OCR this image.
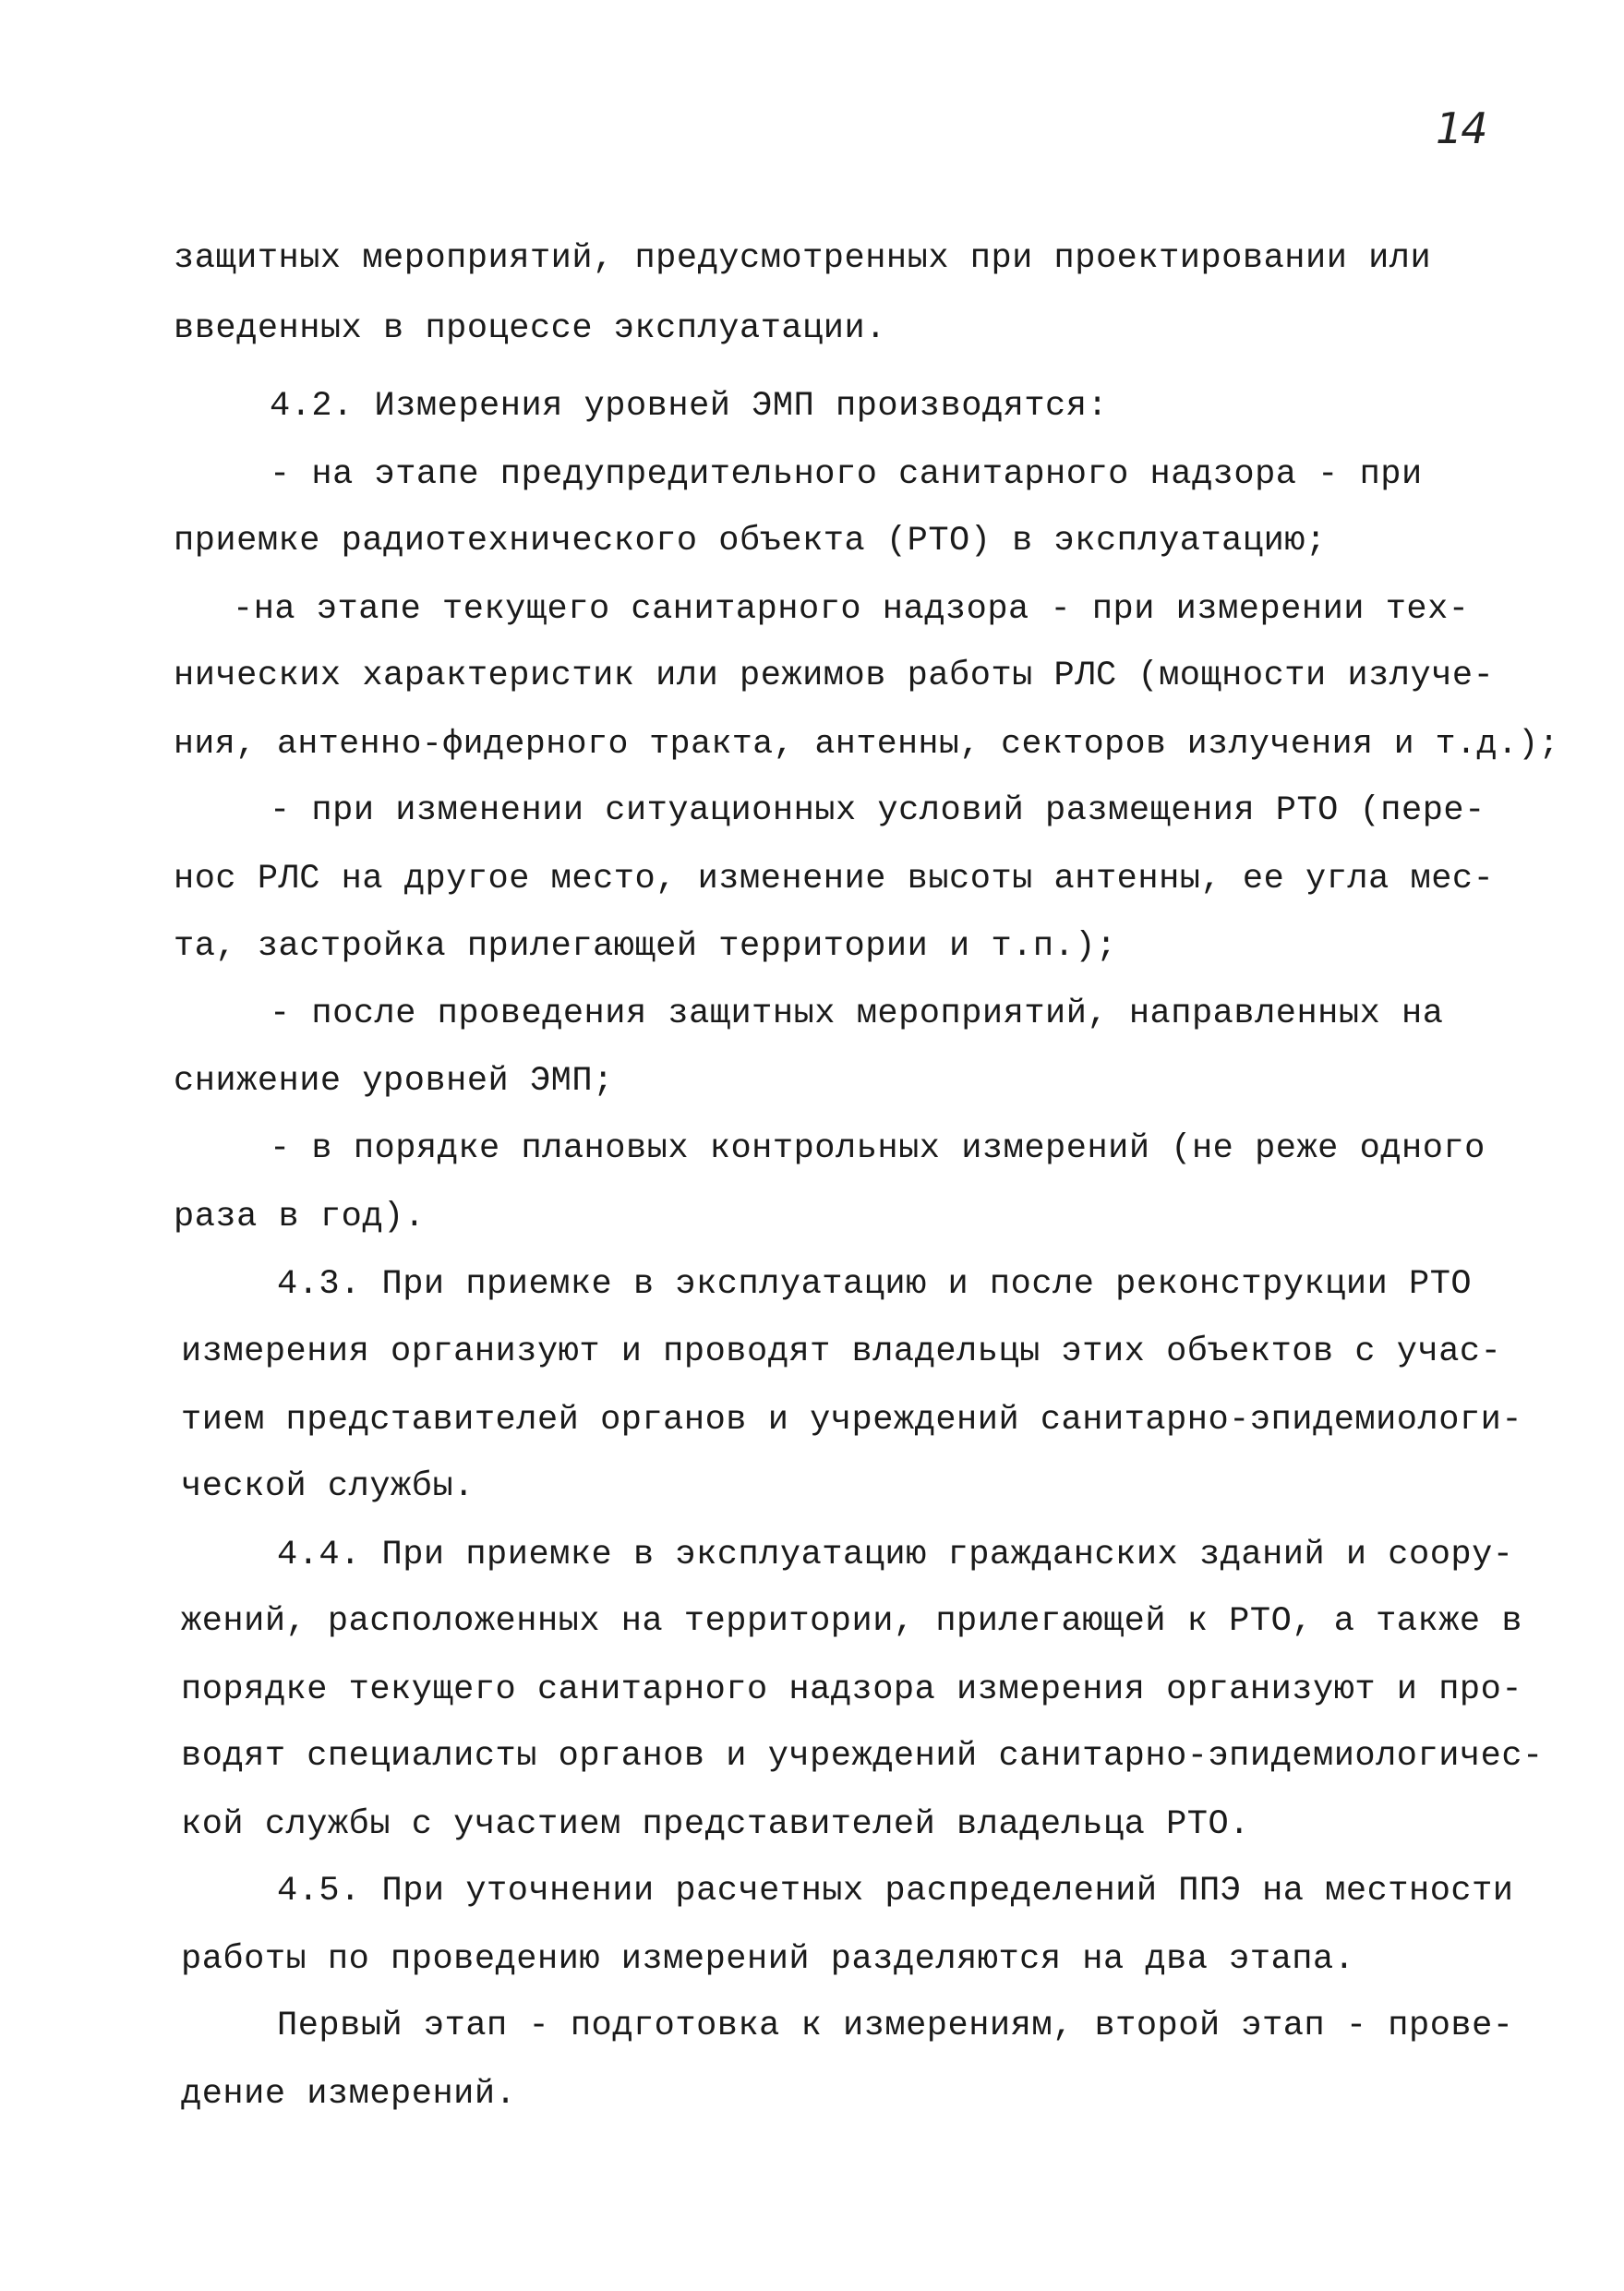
14
защитных мероприятий, предусмотренных при проектировании или
введенных в процессе эксплуатации.
4.2. Измерения уровней ЭМП производятся:
- на этапе предупредительного санитарного надзора - при
приемке радиотехнического объекта (РТО) в эксплуатацию;
-на этапе текущего санитарного надзора - при измерении тех-
нических характеристик или режимов работы РЛС (мощности излуче-
ния, антенно-фидерного тракта, антенны, секторов излучения и т.д.);
- при изменении ситуационных условий размещения РТО (пере-
нос РЛС на другое место, изменение высоты антенны, ее угла мес-
та, застройка прилегающей территории и т.п.);
- после проведения защитных мероприятий, направленных на
снижение уровней ЭМП;
- в порядке плановых контрольных измерений (не реже одного
раза в год).
4.3. При приемке в эксплуатацию и после реконструкции РТО
измерения организуют и проводят владельцы этих объектов с учас-
тием представителей органов и учреждений санитарно-эпидемиологи-
ческой службы.
4.4. При приемке в эксплуатацию гражданских зданий и соору-
жений, расположенных на территории, прилегающей к РТО, а также в
порядке текущего санитарного надзора измерения организуют и про-
водят специалисты органов и учреждений санитарно-эпидемиологичес-
кой службы с участием представителей владельца РТО.
4.5. При уточнении расчетных распределений ППЭ на местности
работы по проведению измерений разделяются на два этапа.
Первый этап - подготовка к измерениям, второй этап - прове-
дение измерений.
